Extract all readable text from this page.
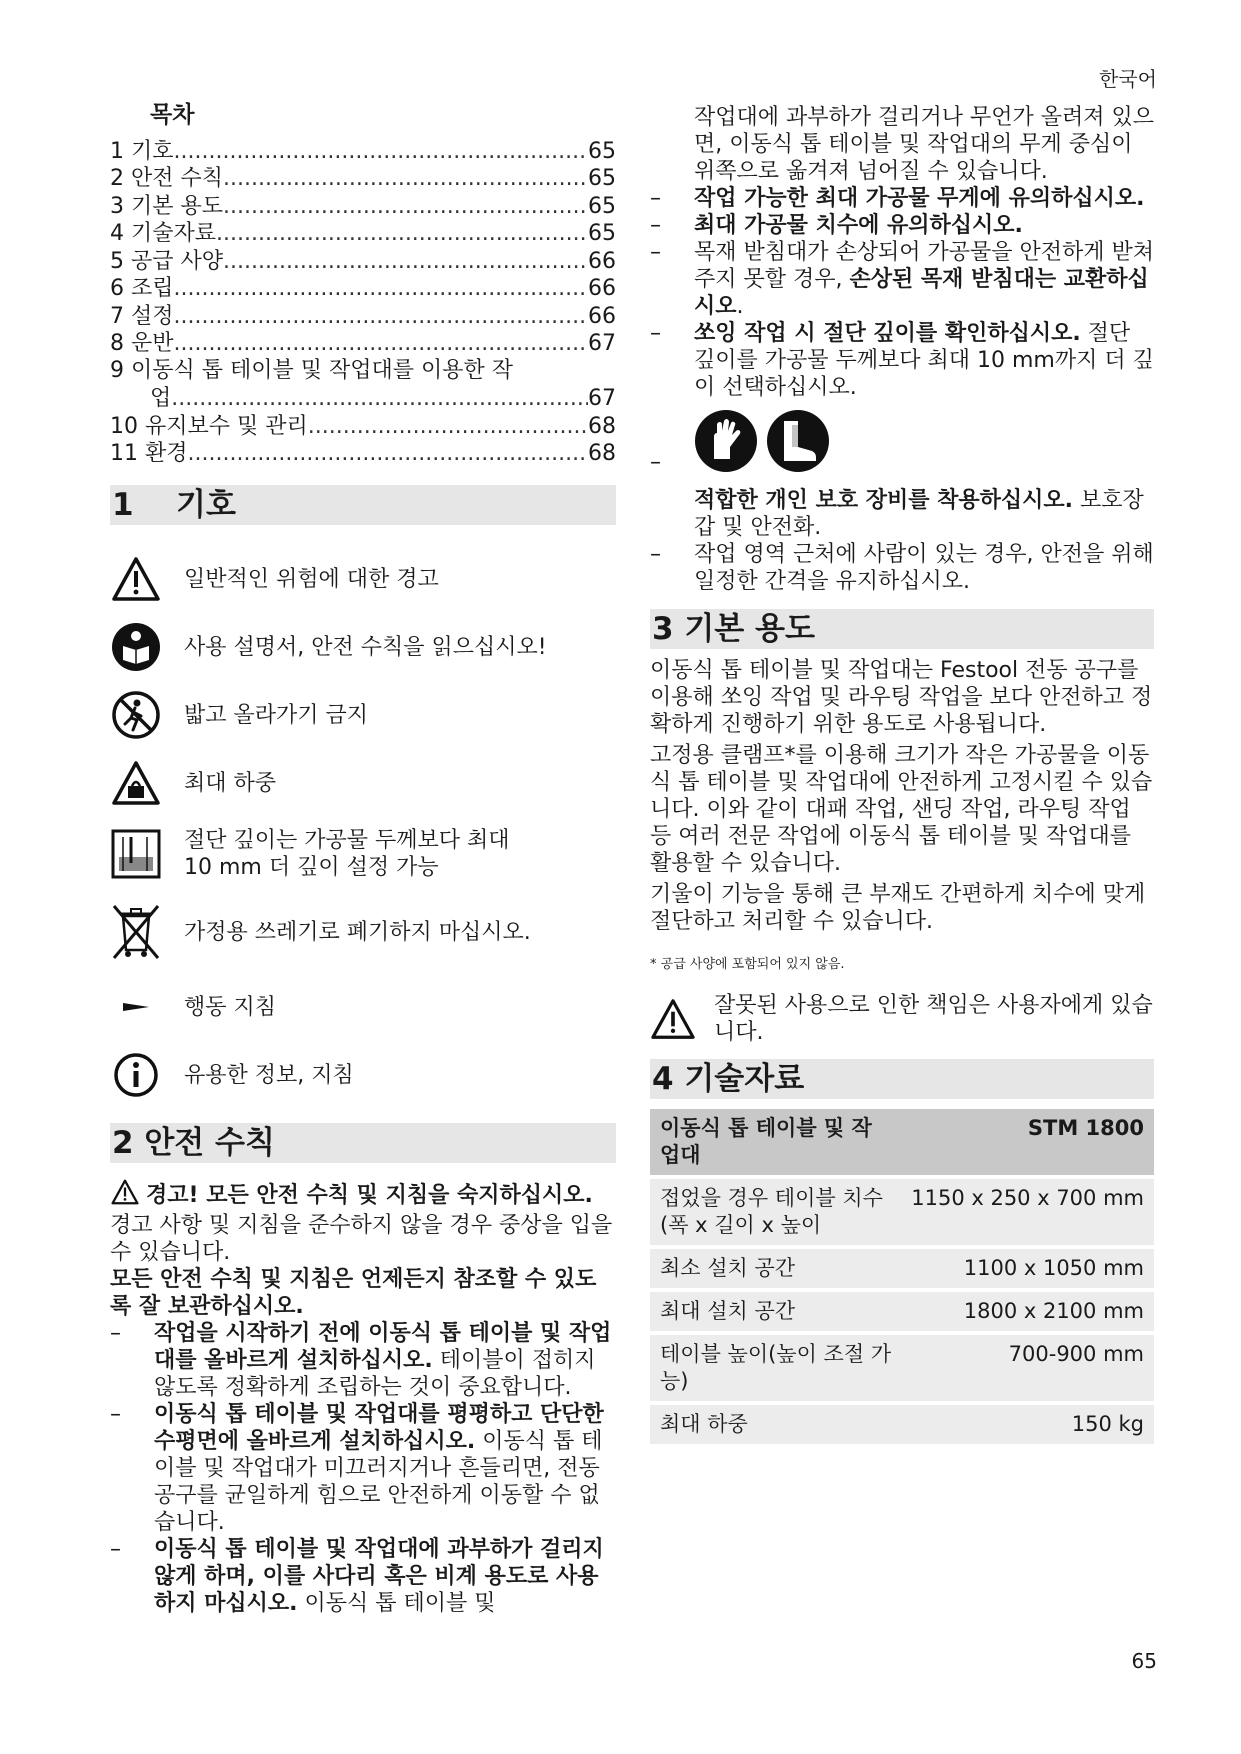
한국어
목차
1 기호 .....	65
2 안전 수칙 .....	65
3 기본 용도 .....	65
4 기술자료 .....	65
5 공급 사양 .....	66
6 조립 .....	66
7 설정 .....	66
8 운반 .....	67
9 이동식 톱 테이블 및 작업대를 이용한 작
업 .....	67
10 유지보수 및 관리 .....	68
11 환경 .....	68
1 기호
일반적인 위험에 대한 경고
사용 설명서, 안전 수칙을 읽으십시오!
밟고 올라가기 금지
최대 하중
절단 깊이는 가공물 두께보다 최대
10 mm 더 깊이 설정 가능
가정용 쓰레기로 폐기하지 마십시오.
행동 지침
유용한 정보, 지침
2 안전 수칙

경고! 모든 안전 수칙 및 지침을 숙지하십시오. 경고 사항 및 지침을 준수하지 않을 경우 중상을 입을 수 있습니다.

모든 안전 수칙 및 지침은 언제든지 참조할 수 있도록 잘 보관하십시오.

– 작업을 시작하기 전에 이동식 톱 테이블 및 작업대를 올바르게 설치하십시오. 테이블이 접히지 않도록 정확하게 조립하는 것이 중요합니다.
– 이동식 톱 테이블 및 작업대를 평평하고 단단한 수평면에 올바르게 설치하십시오. 이동식 톱 테이블 및 작업대가 미끄러지거나 흔들리면, 전동 공구를 균일하게 힘으로 안전하게 이동할 수 없습니다.
– 이동식 톱 테이블 및 작업대에 과부하가 걸리지 않게 하며, 이를 사다리 혹은 비계 용도로 사용하지 마십시오. 이동식 톱 테이블 및

작업대에 과부하가 걸리거나 무언가 올려져 있으면, 이동식 톱 테이블 및 작업대의 무게 중심이 위쪽으로 옮겨져 넘어질 수 있습니다.

– 작업 가능한 최대 가공물 무게에 유의하십시오.
– 최대 가공물 치수에 유의하십시오.
– 목재 받침대가 손상되어 가공물을 안전하게 받쳐주지 못할 경우, 손상된 목재 받침대는 교환하십시오.
– 쏘잉 작업 시 절단 깊이를 확인하십시오. 절단 깊이를 가공물 두께보다 최대 10 mm까지 더 깊이 선택하십시오.
–
적합한 개인 보호 장비를 착용하십시오. 보호장갑 및 안전화.
– 작업 영역 근처에 사람이 있는 경우, 안전을 위해 일정한 간격을 유지하십시오.
3 기본 용도

이동식 톱 테이블 및 작업대는 Festool 전동 공구를 이용해 쏘잉 작업 및 라우팅 작업을 보다 안전하고 정확하게 진행하기 위한 용도로 사용됩니다.

고정용 클램프*를 이용해 크기가 작은 가공물을 이동식 톱 테이블 및 작업대에 안전하게 고정시킬 수 있습니다. 이와 같이 대패 작업, 샌딩 작업, 라우팅 작업 등 여러 전문 작업에 이동식 톱 테이블 및 작업대를 활용할 수 있습니다.

기울이 기능을 통해 큰 부재도 간편하게 치수에 맞게 절단하고 처리할 수 있습니다.

* 공급 사양에 포함되어 있지 않음.
잘못된 사용으로 인한 책임은 사용자에게 있습니다.
4 기술자료
이동식 톱 테이블 및 작업대	STM 1800
접었을 경우 테이블 치수(폭 x 길이 x 높이	1150 x 250 x 700 mm
최소 설치 공간	1100 x 1050 mm
최대 설치 공간	1800 x 2100 mm
테이블 높이(높이 조절 가능)	700-900 mm
최대 하중	150 kg
65
